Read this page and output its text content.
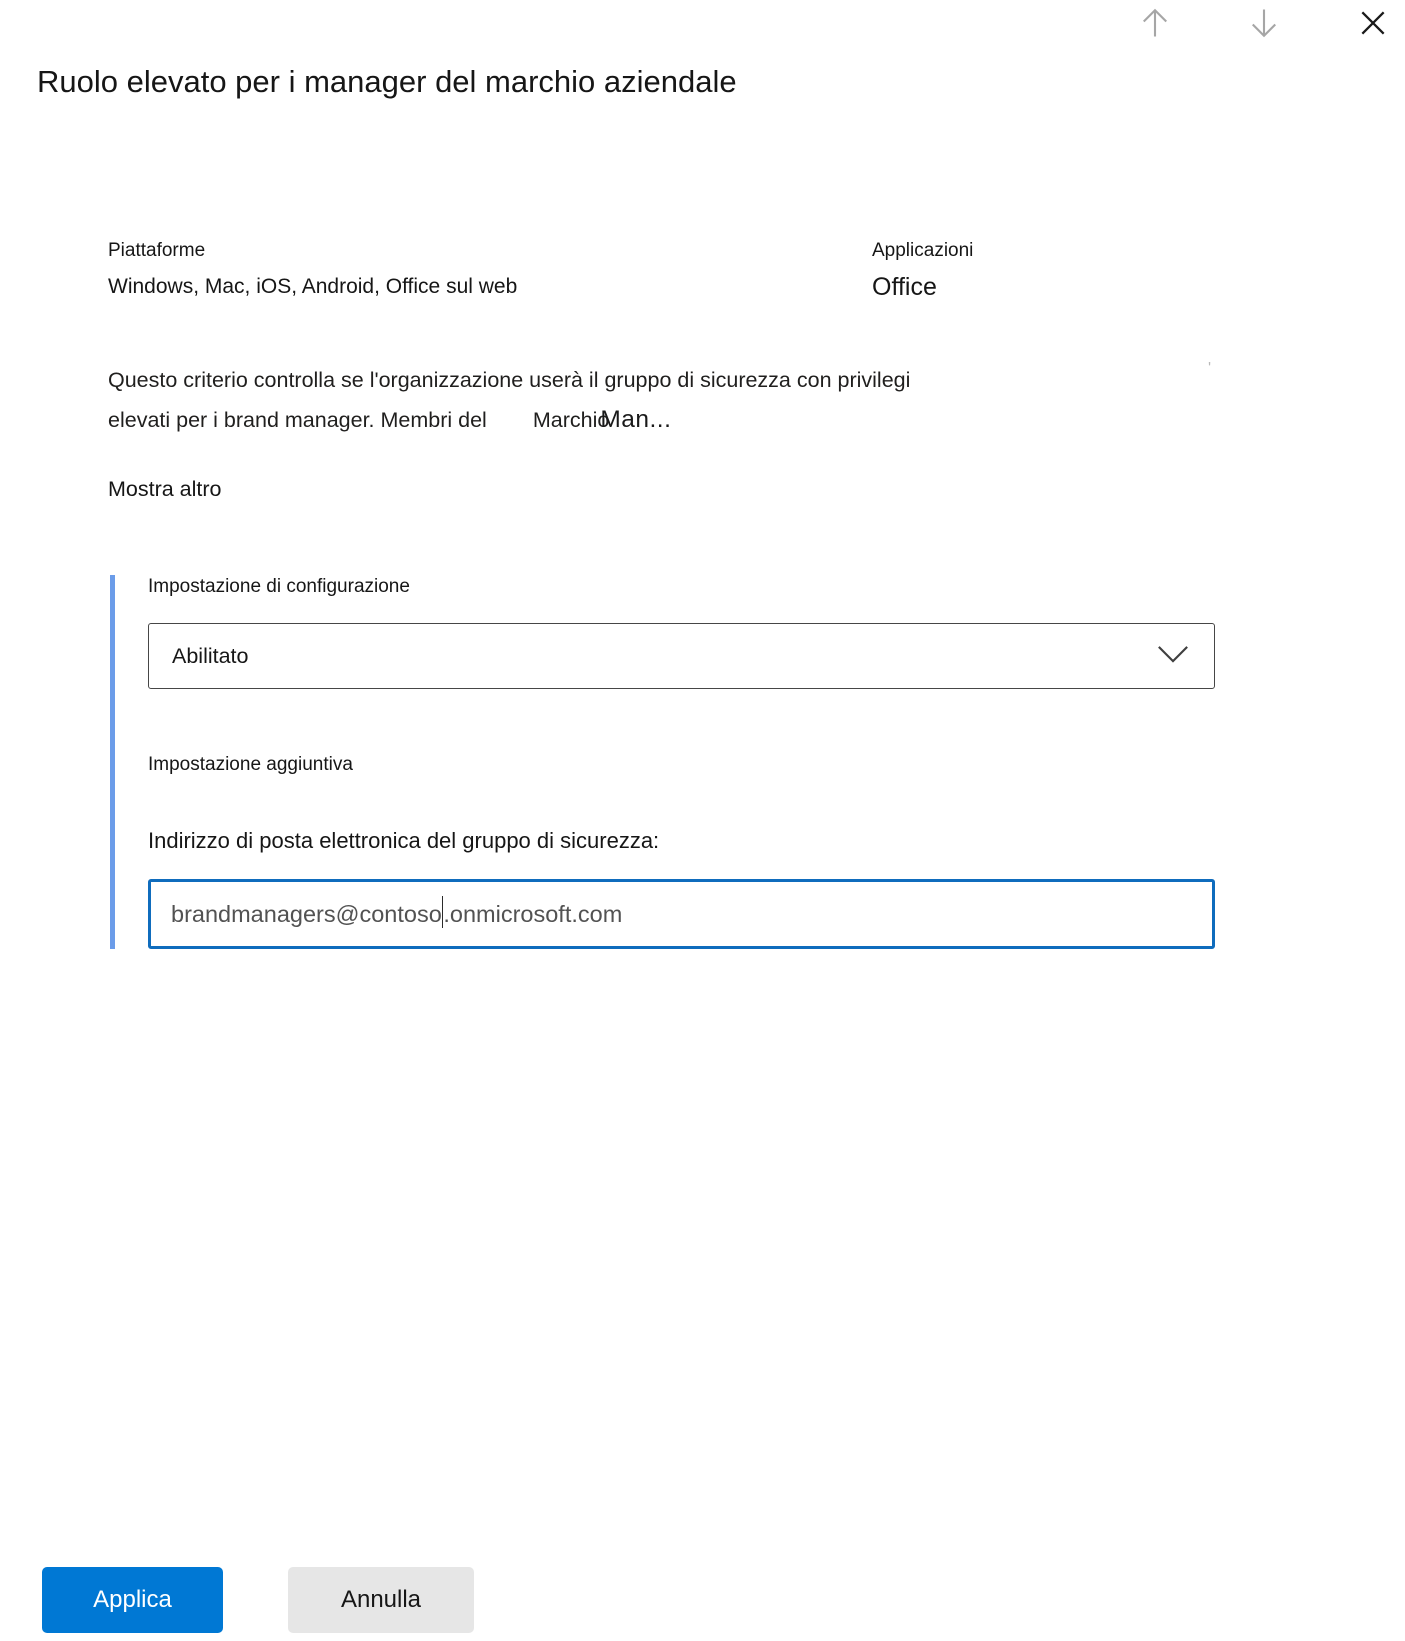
Ruolo elevato per i manager del marchio aziendale
Piattaforme
Windows, Mac, iOS, Android, Office sul web
Applicazioni
Office
Questo criterio controlla se l'organizzazione userà il gruppo di sicurezza con privilegi
elevati per i brand manager. Membri del MarchioMan...
'
Mostra altro
Impostazione di configurazione
Abilitato
Impostazione aggiuntiva
Indirizzo di posta elettronica del gruppo di sicurezza:
brandmanagers@contoso .onmicrosoft.com
Applica	Annulla
